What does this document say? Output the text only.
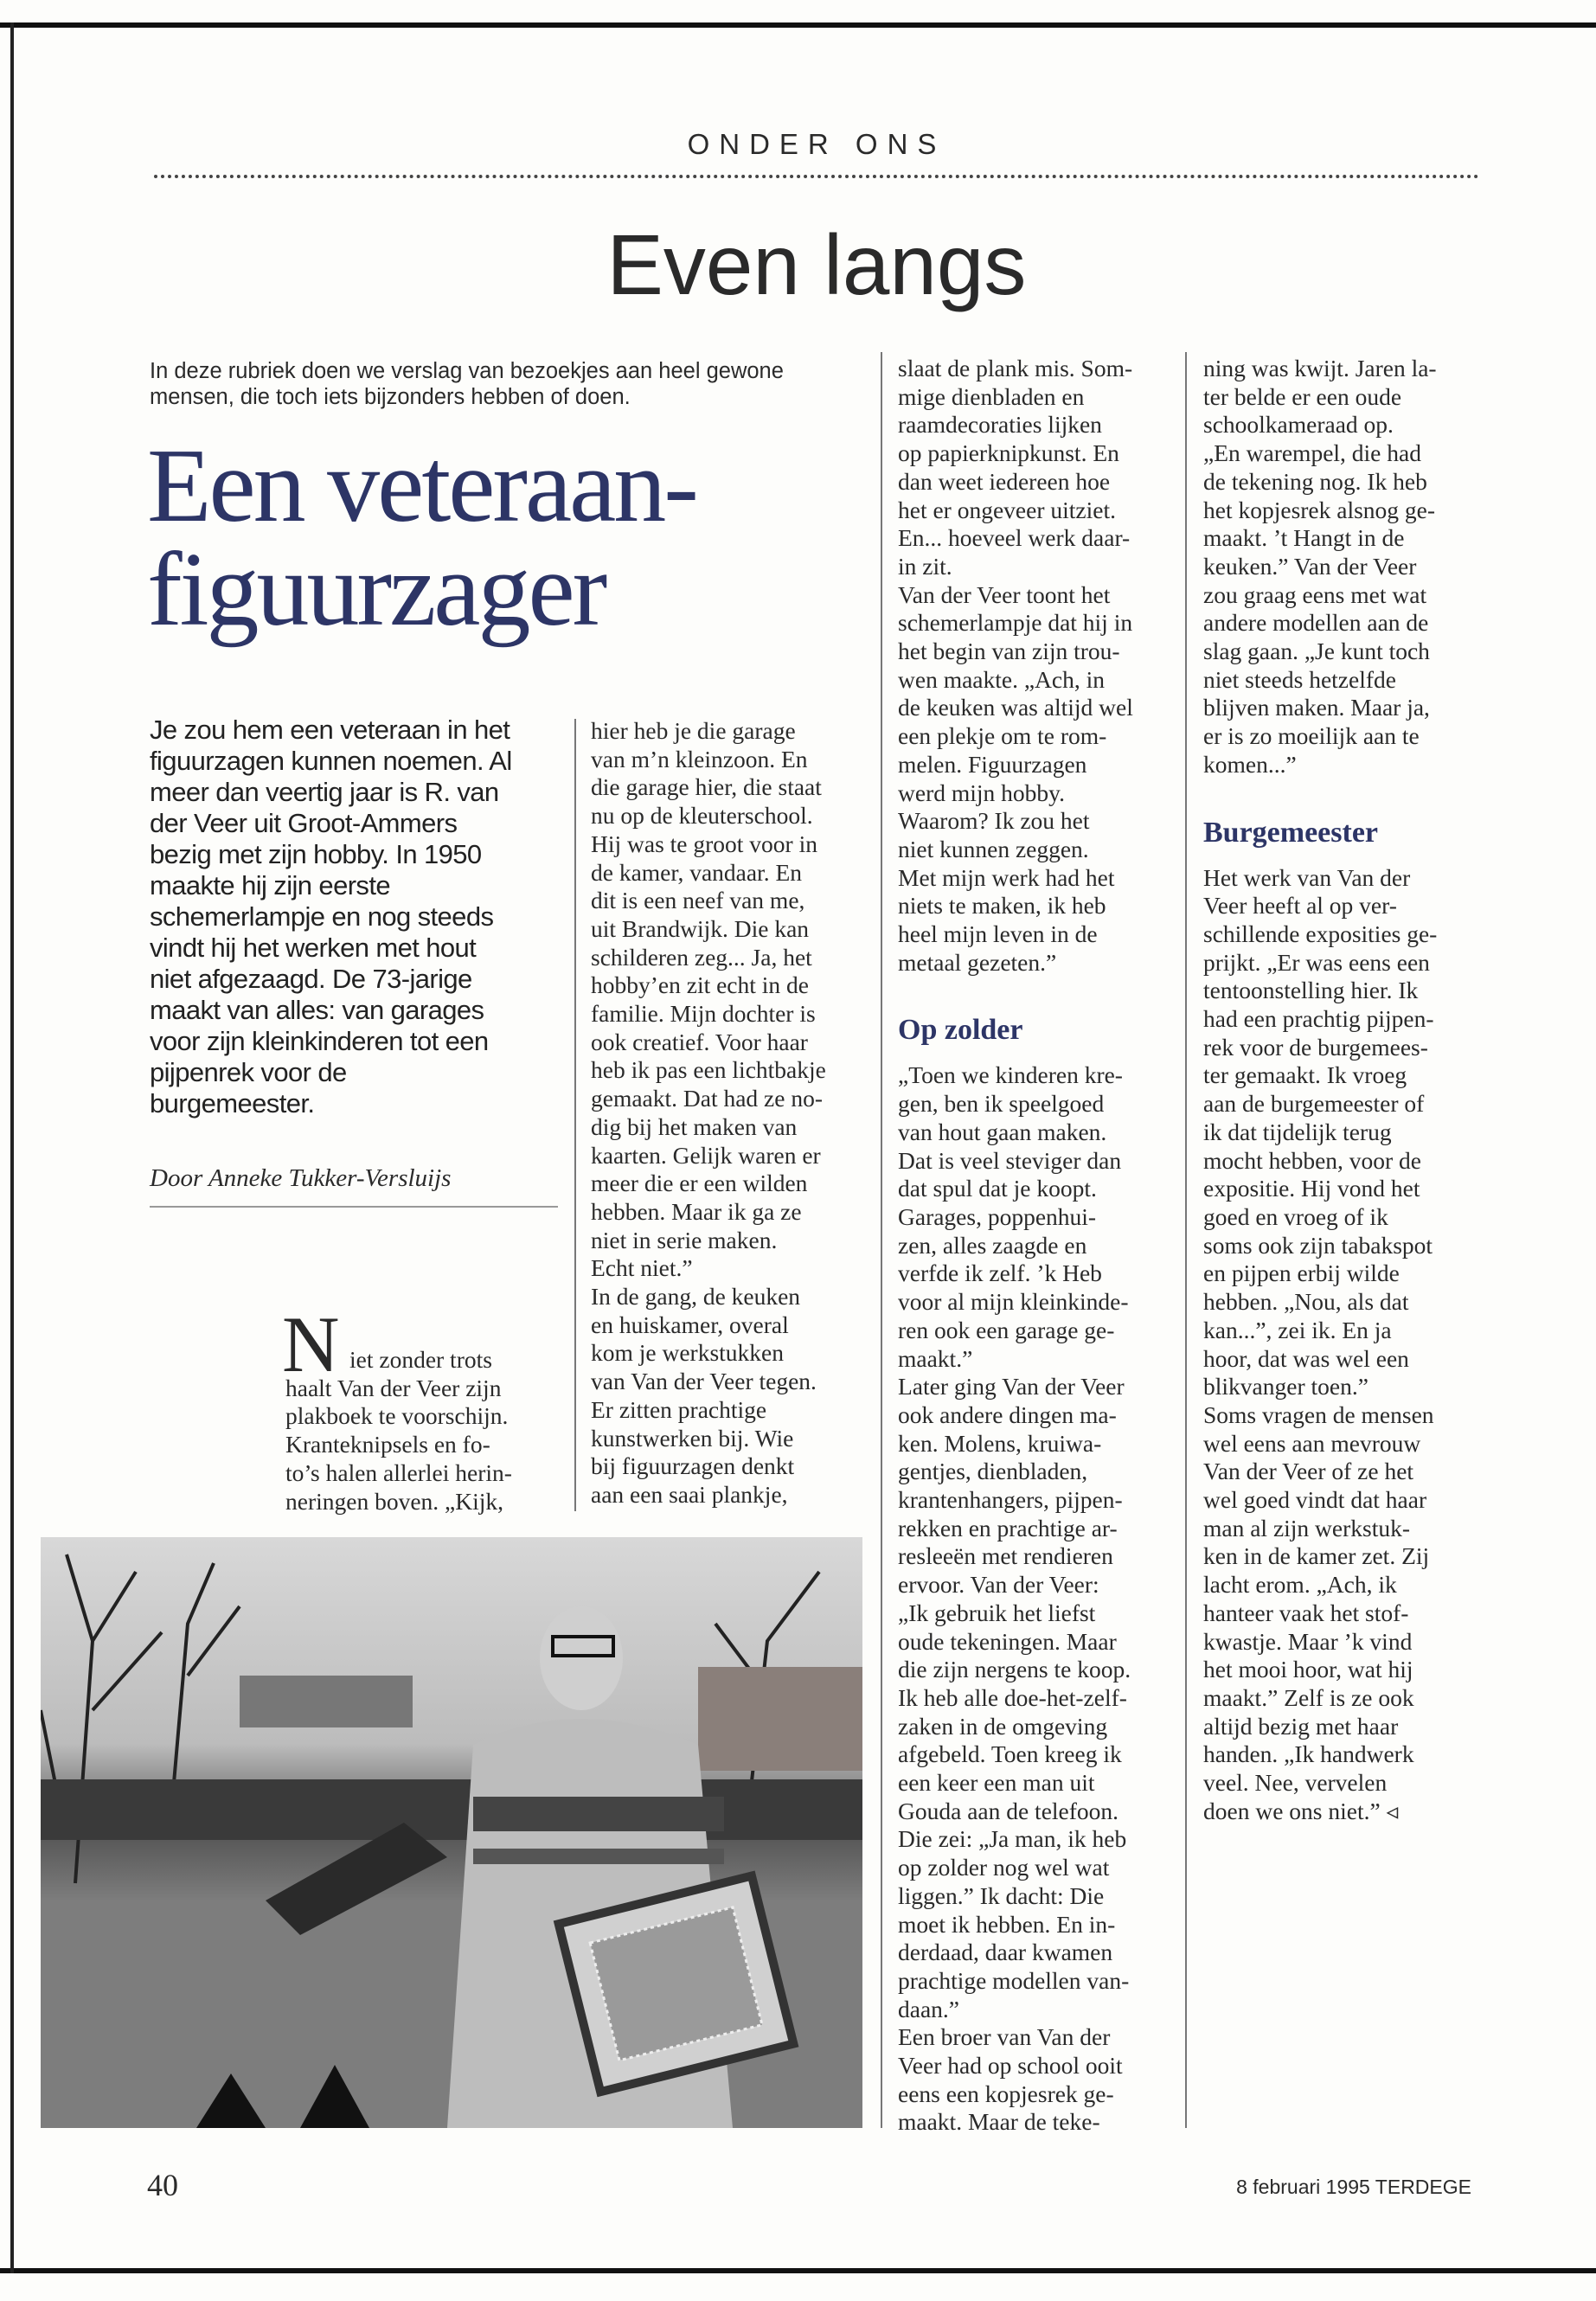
ONDER ONS
Even langs
In deze rubriek doen we verslag van bezoekjes aan heel gewone
mensen, die toch iets bijzonders hebben of doen.
Een veteraan-
figuurzager
Je zou hem een veteraan in het
figuurzagen kunnen noemen. Al
meer dan veertig jaar is R. van
der Veer uit Groot-Ammers
bezig met zijn hobby. In 1950
maakte hij zijn eerste
schemerlampje en nog steeds
vindt hij het werken met hout
niet afgezaagd. De 73-jarige
maakt van alles: van garages
voor zijn kleinkinderen tot een
pijpenrek voor de
burgemeester.
Door Anneke Tukker-Versluijs
N iet zonder trots
haalt Van der Veer zijn
plakboek te voorschijn.
Kranteknipsels en fo-
to’s halen allerlei herin-
neringen boven. „Kijk,
hier heb je die garage
van m’n kleinzoon. En
die garage hier, die staat
nu op de kleuterschool.
Hij was te groot voor in
de kamer, vandaar. En
dit is een neef van me,
uit Brandwijk. Die kan
schilderen zeg... Ja, het
hobby’en zit echt in de
familie. Mijn dochter is
ook creatief. Voor haar
heb ik pas een lichtbakje
gemaakt. Dat had ze no-
dig bij het maken van
kaarten. Gelijk waren er
meer die er een wilden
hebben. Maar ik ga ze
niet in serie maken.
Echt niet.”
In de gang, de keuken
en huiskamer, overal
kom je werkstukken
van Van der Veer tegen.
Er zitten prachtige
kunstwerken bij. Wie
bij figuurzagen denkt
aan een saai plankje,
slaat de plank mis. Som-
mige dienbladen en
raamdecoraties lijken
op papierknipkunst. En
dan weet iedereen hoe
het er ongeveer uitziet.
En... hoeveel werk daar-
in zit.
Van der Veer toont het
schemerlampje dat hij in
het begin van zijn trou-
wen maakte. „Ach, in
de keuken was altijd wel
een plekje om te rom-
melen. Figuurzagen
werd mijn hobby.
Waarom? Ik zou het
niet kunnen zeggen.
Met mijn werk had het
niets te maken, ik heb
heel mijn leven in de
metaal gezeten.”
Op zolder
„Toen we kinderen kre-
gen, ben ik speelgoed
van hout gaan maken.
Dat is veel steviger dan
dat spul dat je koopt.
Garages, poppenhui-
zen, alles zaagde en
verfde ik zelf. ’k Heb
voor al mijn kleinkinde-
ren ook een garage ge-
maakt.”
Later ging Van der Veer
ook andere dingen ma-
ken. Molens, kruiwa-
gentjes, dienbladen,
krantenhangers, pijpen-
rekken en prachtige ar-
resleeën met rendieren
ervoor. Van der Veer:
„Ik gebruik het liefst
oude tekeningen. Maar
die zijn nergens te koop.
Ik heb alle doe-het-zelf-
zaken in de omgeving
afgebeld. Toen kreeg ik
een keer een man uit
Gouda aan de telefoon.
Die zei: „Ja man, ik heb
op zolder nog wel wat
liggen.” Ik dacht: Die
moet ik hebben. En in-
derdaad, daar kwamen
prachtige modellen van-
daan.”
Een broer van Van der
Veer had op school ooit
eens een kopjesrek ge-
maakt. Maar de teke-
ning was kwijt. Jaren la-
ter belde er een oude
schoolkameraad op.
„En warempel, die had
de tekening nog. Ik heb
het kopjesrek alsnog ge-
maakt. ’t Hangt in de
keuken.” Van der Veer
zou graag eens met wat
andere modellen aan de
slag gaan. „Je kunt toch
niet steeds hetzelfde
blijven maken. Maar ja,
er is zo moeilijk aan te
komen...”
Burgemeester
Het werk van Van der
Veer heeft al op ver-
schillende exposities ge-
prijkt. „Er was eens een
tentoonstelling hier. Ik
had een prachtig pijpen-
rek voor de burgemees-
ter gemaakt. Ik vroeg
aan de burgemeester of
ik dat tijdelijk terug
mocht hebben, voor de
expositie. Hij vond het
goed en vroeg of ik
soms ook zijn tabakspot
en pijpen erbij wilde
hebben. „Nou, als dat
kan...”, zei ik. En ja
hoor, dat was wel een
blikvanger toen.”
Soms vragen de mensen
wel eens aan mevrouw
Van der Veer of ze het
wel goed vindt dat haar
man al zijn werkstuk-
ken in de kamer zet. Zij
lacht erom. „Ach, ik
hanteer vaak het stof-
kwastje. Maar ’k vind
het mooi hoor, wat hij
maakt.” Zelf is ze ook
altijd bezig met haar
handen. „Ik handwerk
veel. Nee, vervelen
doen we ons niet.” ◃
40	8 februari 1995 TERDEGE
